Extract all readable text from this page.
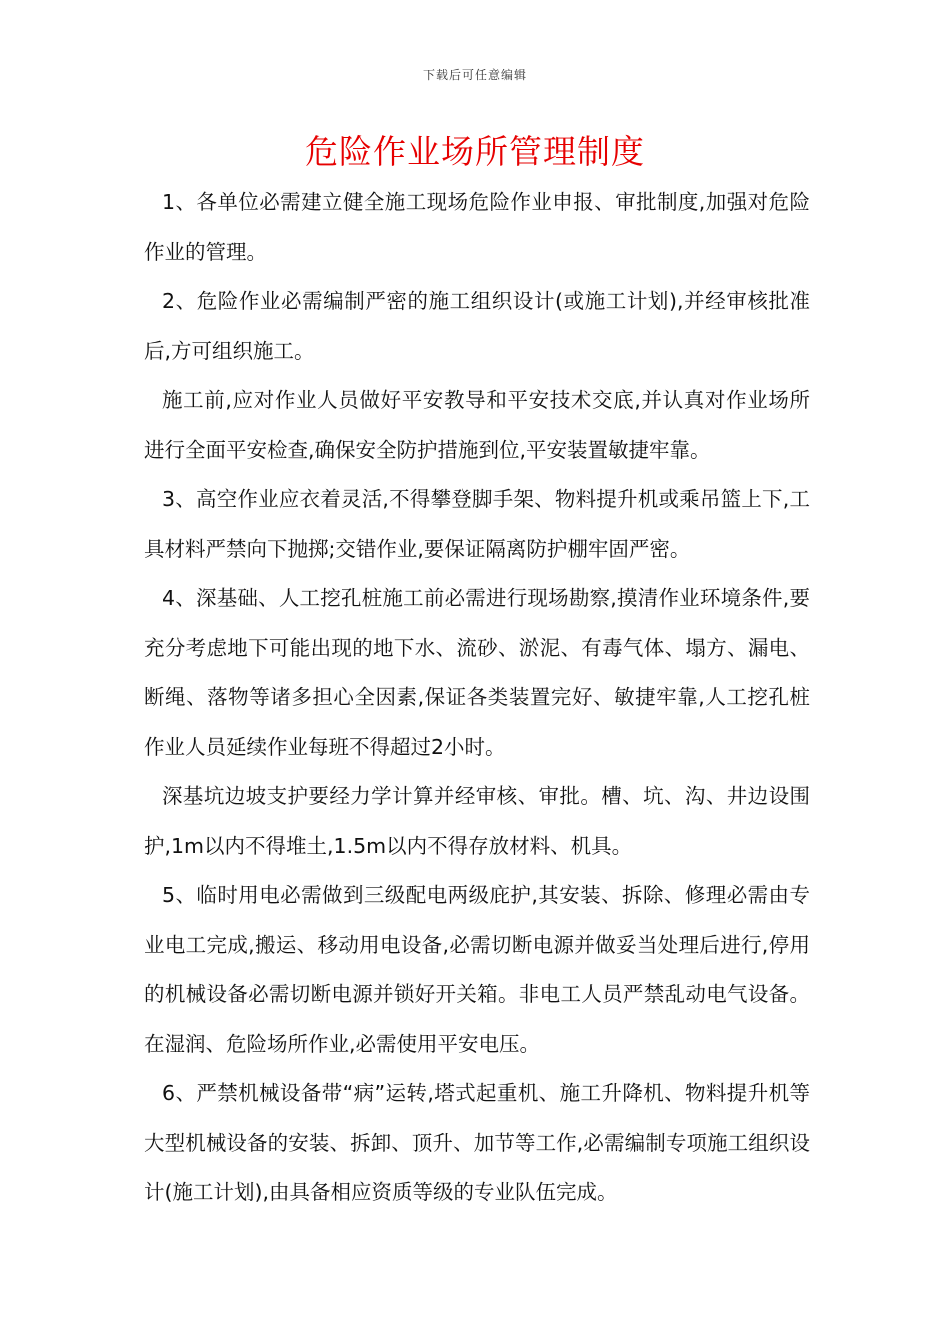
下载后可任意编辑
危险作业场所管理制度

1、各单位必需建立健全施工现场危险作业申报、审批制度,加强对危险作业的管理。

2、危险作业必需编制严密的施工组织设计(或施工计划),并经审核批准后,方可组织施工。

施工前,应对作业人员做好平安教导和平安技术交底,并认真对作业场所进行全面平安检查,确保安全防护措施到位,平安装置敏捷牢靠。

3、高空作业应衣着灵活,不得攀登脚手架、物料提升机或乘吊篮上下,工具材料严禁向下抛掷;交错作业,要保证隔离防护棚牢固严密。

4、深基础、人工挖孔桩施工前必需进行现场勘察,摸清作业环境条件,要充分考虑地下可能出现的地下水、流砂、淤泥、有毒气体、塌方、漏电、断绳、落物等诸多担心全因素,保证各类装置完好、敏捷牢靠,人工挖孔桩作业人员延续作业每班不得超过2小时。

深基坑边坡支护要经力学计算并经审核、审批。槽、坑、沟、井边设围护,1m以内不得堆土,1.5m以内不得存放材料、机具。

5、临时用电必需做到三级配电两级庇护,其安装、拆除、修理必需由专业电工完成,搬运、移动用电设备,必需切断电源并做妥当处理后进行,停用的机械设备必需切断电源并锁好开关箱。非电工人员严禁乱动电气设备。在湿润、危险场所作业,必需使用平安电压。

6、严禁机械设备带“病”运转,塔式起重机、施工升降机、物料提升机等大型机械设备的安装、拆卸、顶升、加节等工作,必需编制专项施工组织设计(施工计划),由具备相应资质等级的专业队伍完成。
